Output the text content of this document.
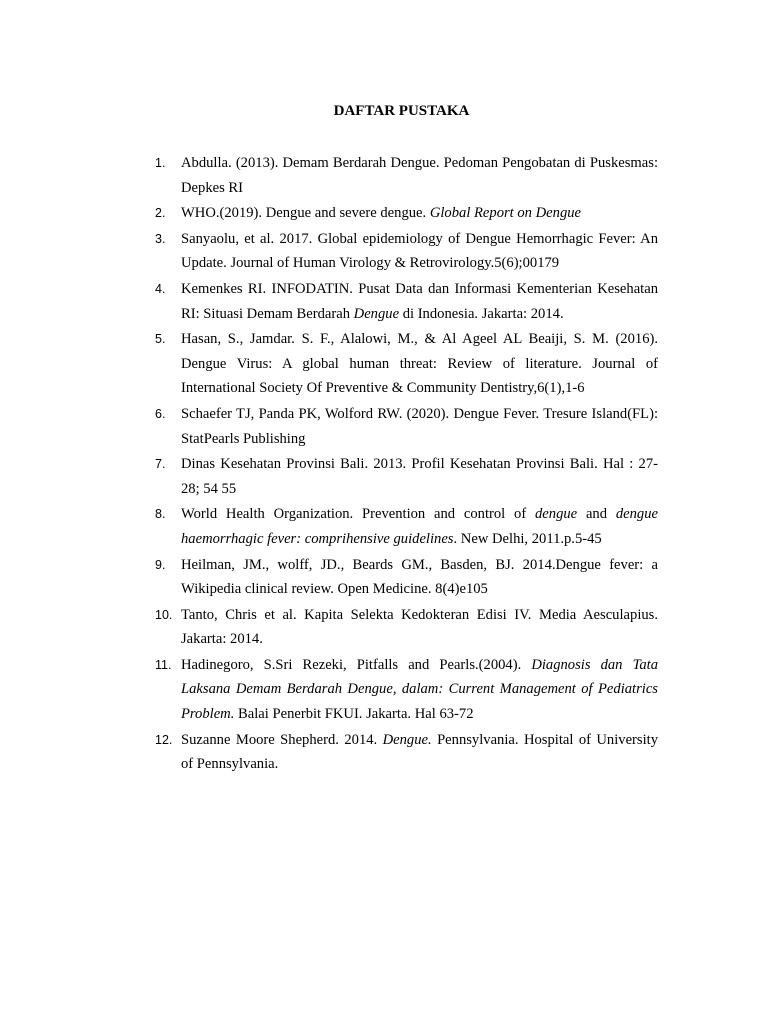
DAFTAR PUSTAKA
1.	Abdulla. (2013). Demam Berdarah Dengue. Pedoman Pengobatan di Puskesmas: Depkes RI
2.	WHO.(2019). Dengue and severe dengue. Global Report on Dengue
3.	Sanyaolu, et al. 2017. Global epidemiology of Dengue Hemorrhagic Fever: An Update. Journal of Human Virology & Retrovirology.5(6);00179
4.	Kemenkes RI. INFODATIN. Pusat Data dan Informasi Kementerian Kesehatan RI: Situasi Demam Berdarah Dengue di Indonesia. Jakarta: 2014.
5.	Hasan, S., Jamdar. S. F., Alalowi, M., & Al Ageel AL Beaiji, S. M. (2016). Dengue Virus: A global human threat: Review of literature. Journal of International Society Of Preventive & Community Dentistry,6(1),1-6
6.	Schaefer TJ, Panda PK, Wolford RW. (2020). Dengue Fever. Tresure Island(FL): StatPearls Publishing
7.	Dinas Kesehatan Provinsi Bali. 2013. Profil Kesehatan Provinsi Bali. Hal : 27-28; 54 55
8.	World Health Organization. Prevention and control of dengue and dengue haemorrhagic fever: comprihensive guidelines. New Delhi, 2011.p.5-45
9.	Heilman, JM., wolff, JD., Beards GM., Basden, BJ. 2014.Dengue fever: a Wikipedia clinical review. Open Medicine. 8(4)e105
10. Tanto, Chris et al. Kapita Selekta Kedokteran Edisi IV. Media Aesculapius. Jakarta: 2014.
11. Hadinegoro, S.Sri Rezeki, Pitfalls and Pearls.(2004). Diagnosis dan Tata Laksana Demam Berdarah Dengue, dalam: Current Management of Pediatrics Problem. Balai Penerbit FKUI. Jakarta. Hal 63-72
12. Suzanne Moore Shepherd. 2014. Dengue. Pennsylvania. Hospital of University of Pennsylvania.
